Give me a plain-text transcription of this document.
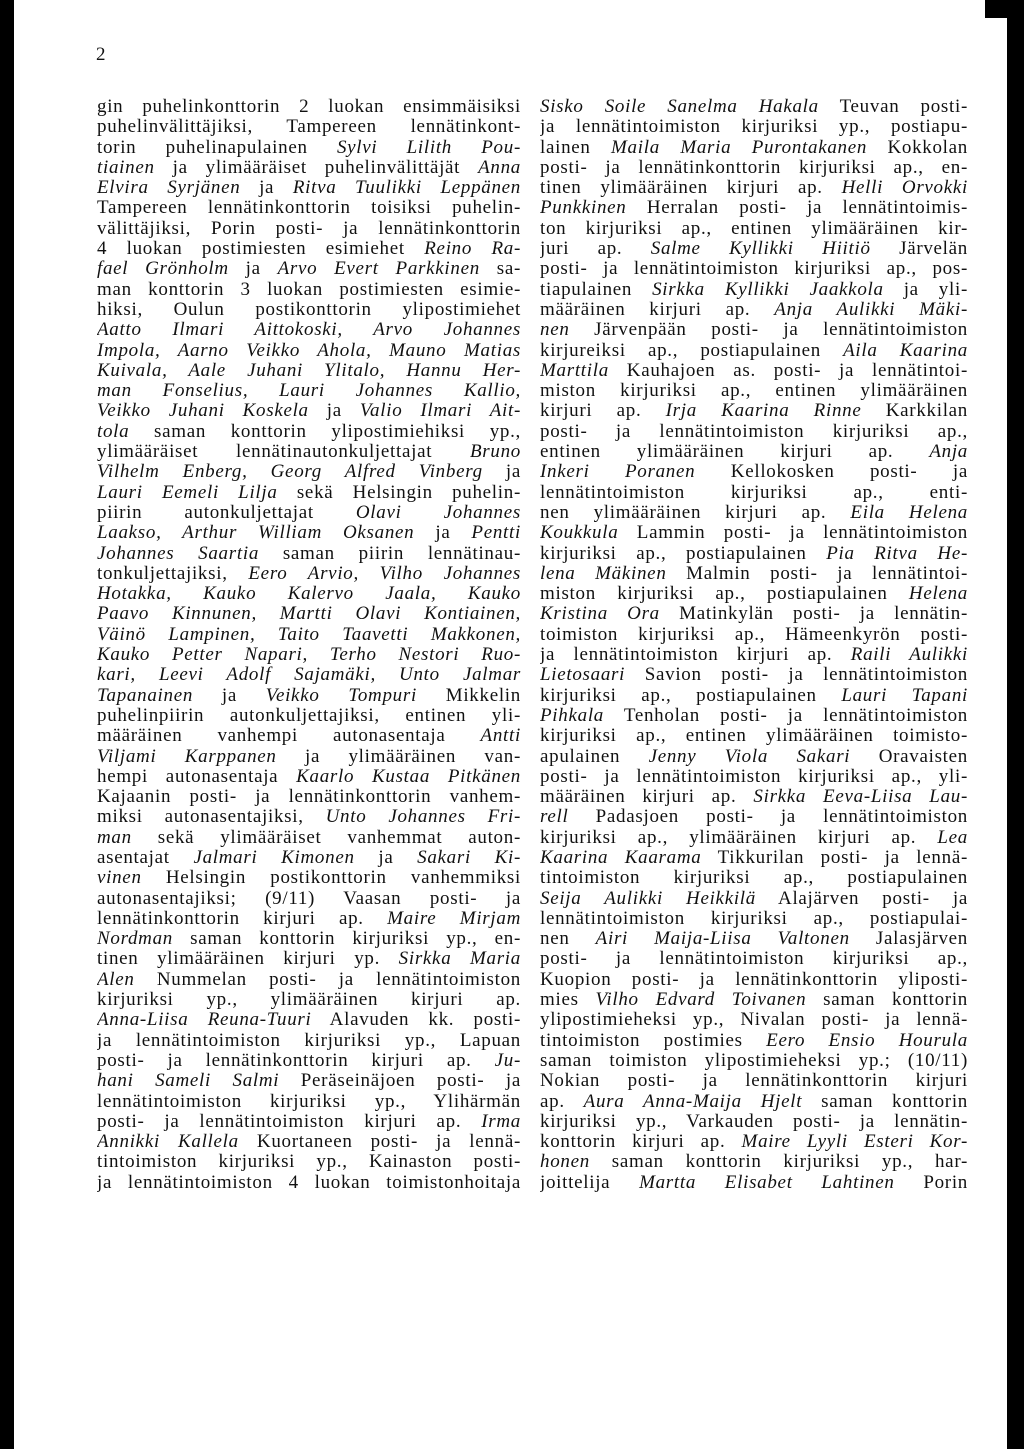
2
gin puhelinkonttorin 2 luokan ensimmäisiksi
puhelinvälittäjiksi, Tampereen lennätinkont-
torin puhelinapulainen Sylvi Lilith Pou-
tiainen ja ylimääräiset puhelinvälittäjät Anna
Elvira Syrjänen ja Ritva Tuulikki Leppänen
Tampereen lennätinkonttorin toisiksi puhelin-
välittäjiksi, Porin posti- ja lennätinkonttorin
4 luokan postimiesten esimiehet Reino Ra-
fael Grönholm ja Arvo Evert Parkkinen sa-
man konttorin 3 luokan postimiesten esimie-
hiksi, Oulun postikonttorin ylipostimiehet
Aatto Ilmari Aittokoski, Arvo Johannes
Impola, Aarno Veikko Ahola, Mauno Matias
Kuivala, Aale Juhani Ylitalo, Hannu Her-
man Fonselius, Lauri Johannes Kallio,
Veikko Juhani Koskela ja Valio Ilmari Ait-
tola saman konttorin ylipostimiehiksi yp.,
ylimääräiset lennätinautonkuljettajat Bruno
Vilhelm Enberg, Georg Alfred Vinberg ja
Lauri Eemeli Lilja sekä Helsingin puhelin-
piirin autonkuljettajat Olavi Johannes
Laakso, Arthur William Oksanen ja Pentti
Johannes Saartia saman piirin lennätinau-
tonkuljettajiksi, Eero Arvio, Vilho Johannes
Hotakka, Kauko Kalervo Jaala, Kauko
Paavo Kinnunen, Martti Olavi Kontiainen,
Väinö Lampinen, Taito Taavetti Makkonen,
Kauko Petter Napari, Terho Nestori Ruo-
kari, Leevi Adolf Sajamäki, Unto Jalmar
Tapanainen ja Veikko Tompuri Mikkelin
puhelinpiirin autonkuljettajiksi, entinen yli-
määräinen vanhempi autonasentaja Antti
Viljami Karppanen ja ylimääräinen van-
hempi autonasentaja Kaarlo Kustaa Pitkänen
Kajaanin posti- ja lennätinkonttorin vanhem-
miksi autonasentajiksi, Unto Johannes Fri-
man sekä ylimääräiset vanhemmat auton-
asentajat Jalmari Kimonen ja Sakari Ki-
vinen Helsingin postikonttorin vanhemmiksi
autonasentajiksi; (9/11) Vaasan posti- ja
lennätinkonttorin kirjuri ap. Maire Mirjam
Nordman saman konttorin kirjuriksi yp., en-
tinen ylimääräinen kirjuri yp. Sirkka Maria
Alen Nummelan posti- ja lennätintoimiston
kirjuriksi yp., ylimääräinen kirjuri ap.
Anna-Liisa Reuna-Tuuri Alavuden kk. posti-
ja lennätintoimiston kirjuriksi yp., Lapuan
posti- ja lennätinkonttorin kirjuri ap. Ju-
hani Sameli Salmi Peräseinäjoen posti- ja
lennätintoimiston kirjuriksi yp., Ylihärmän
posti- ja lennätintoimiston kirjuri ap. Irma
Annikki Kallela Kuortaneen posti- ja lennä-
tintoimiston kirjuriksi yp., Kainaston posti-
ja lennätintoimiston 4 luokan toimistonhoitaja
Sisko Soile Sanelma Hakala Teuvan posti-
ja lennätintoimiston kirjuriksi yp., postiapu-
lainen Maila Maria Purontakanen Kokkolan
posti- ja lennätinkonttorin kirjuriksi ap., en-
tinen ylimääräinen kirjuri ap. Helli Orvokki
Punkkinen Herralan posti- ja lennätintoimis-
ton kirjuriksi ap., entinen ylimääräinen kir-
juri ap. Salme Kyllikki Hiitiö Järvelän
posti- ja lennätintoimiston kirjuriksi ap., pos-
tiapulainen Sirkka Kyllikki Jaakkola ja yli-
määräinen kirjuri ap. Anja Aulikki Mäki-
nen Järvenpään posti- ja lennätintoimiston
kirjureiksi ap., postiapulainen Aila Kaarina
Marttila Kauhajoen as. posti- ja lennätintoi-
miston kirjuriksi ap., entinen ylimääräinen
kirjuri ap. Irja Kaarina Rinne Karkkilan
posti- ja lennätintoimiston kirjuriksi ap.,
entinen ylimääräinen kirjuri ap. Anja
Inkeri Poranen Kellokosken posti- ja
lennätintoimiston kirjuriksi ap., enti-
nen ylimääräinen kirjuri ap. Eila Helena
Koukkula Lammin posti- ja lennätintoimiston
kirjuriksi ap., postiapulainen Pia Ritva He-
lena Mäkinen Malmin posti- ja lennätintoi-
miston kirjuriksi ap., postiapulainen Helena
Kristina Ora Matinkylän posti- ja lennätin-
toimiston kirjuriksi ap., Hämeenkyrön posti-
ja lennätintoimiston kirjuri ap. Raili Aulikki
Lietosaari Savion posti- ja lennätintoimiston
kirjuriksi ap., postiapulainen Lauri Tapani
Pihkala Tenholan posti- ja lennätintoimiston
kirjuriksi ap., entinen ylimääräinen toimisto-
apulainen Jenny Viola Sakari Oravaisten
posti- ja lennätintoimiston kirjuriksi ap., yli-
määräinen kirjuri ap. Sirkka Eeva-Liisa Lau-
rell Padasjoen posti- ja lennätintoimiston
kirjuriksi ap., ylimääräinen kirjuri ap. Lea
Kaarina Kaarama Tikkurilan posti- ja lennä-
tintoimiston kirjuriksi ap., postiapulainen
Seija Aulikki Heikkilä Alajärven posti- ja
lennätintoimiston kirjuriksi ap., postiapulai-
nen Airi Maija-Liisa Valtonen Jalasjärven
posti- ja lennätintoimiston kirjuriksi ap.,
Kuopion posti- ja lennätinkonttorin yliposti-
mies Vilho Edvard Toivanen saman konttorin
ylipostimieheksi yp., Nivalan posti- ja lennä-
tintoimiston postimies Eero Ensio Hourula
saman toimiston ylipostimieheksi yp.; (10/11)
Nokian posti- ja lennätinkonttorin kirjuri
ap. Aura Anna-Maija Hjelt saman konttorin
kirjuriksi yp., Varkauden posti- ja lennätin-
konttorin kirjuri ap. Maire Lyyli Esteri Kor-
honen saman konttorin kirjuriksi yp., har-
joittelija Martta Elisabet Lahtinen Porin
